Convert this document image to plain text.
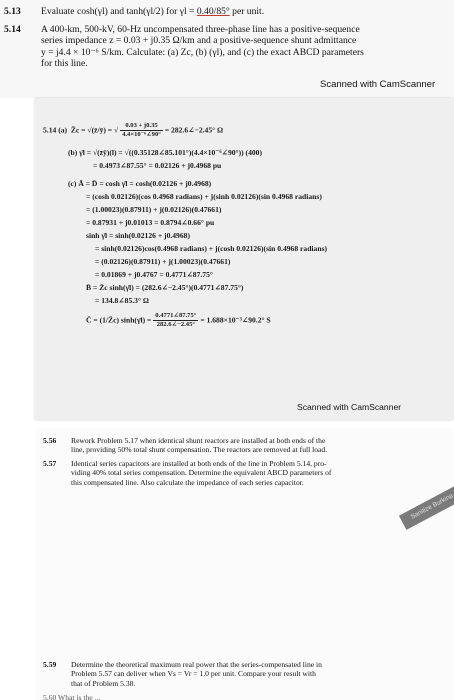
5.13 Evaluate cosh(γl) and tanh(γl/2) for γl = 0.40/85° per unit.
5.14 A 400-km, 500-kV, 60-Hz uncompensated three-phase line has a positive-sequence
series impedance z = 0.03 + j0.35 Ω/km and a positive-sequence shunt admittance
y = j4.4 × 10⁻⁶ S/km. Calculate: (a) Zc, (b) (γl), and (c) the exact ABCD parameters
for this line.
Scanned with CamScanner
5.14 (a) Z̄c = √(z̄/ȳ) = √ $\frac{0.03 + j0.35}{\text{4.4×10⁻⁶∠90°}}$ = 282.6∠−2.45° Ω
(b) γ̄l = √(z̄ȳ)(l) = √((0.35128∠85.101°)(4.4×10⁻⁶∠90°)) (400)
= 0.4973∠87.55° = 0.02126 + j0.4968 pu
(c) Ā = D̄ = cosh γ̄l = cosh(0.02126 + j0.4968)
= (cosh 0.02126)(cos 0.4968 radians) + j(sinh 0.02126)(sin 0.4968 radians)
= (1.00023)(0.87911) + j(0.02126)(0.47661)
= 0.87931 + j0.01013 = 0.8794∠0.66° pu
sinh γ̄l = sinh(0.02126 + j0.4968)
= sinh(0.02126)cos(0.4968 radians) + j(cosh 0.02126)(sin 0.4968 radians)
= (0.02126)(0.87911) + j(1.00023)(0.47661)
= 0.01869 + j0.4767 = 0.4771∠87.75°
B̄ = Z̄c sinh(γ̄l) = (282.6∠−2.45°)(0.4771∠87.75°)
= 134.8∠85.3° Ω
C̄ = (1/Z̄c) sinh(γ̄l) = $\frac{0.4771\angle 87.75^\circ}{282.6\angle-2.45^\circ}$ = 1.688×10⁻³∠90.2° S
Scanned with CamScanner
5.56 Rework Problem 5.17 when identical shunt reactors are installed at both ends of the
line, providing 50% total shunt compensation. The reactors are removed at full load.
5.57 Identical series capacitors are installed at both ends of the line in Problem 5.14, pro-
viding 40% total series compensation. Determine the equivalent ABCD parameters of
this compensated line. Also calculate the impedance of each series capacitor.
5.59 Determine the theoretical maximum real power that the series-compensated line in
Problem 5.57 can deliver when Vs = Vr = 1.0 per unit. Compare your result with
that of Problem 5.38.
5.60 What is the ...
Sanitize Burkina
